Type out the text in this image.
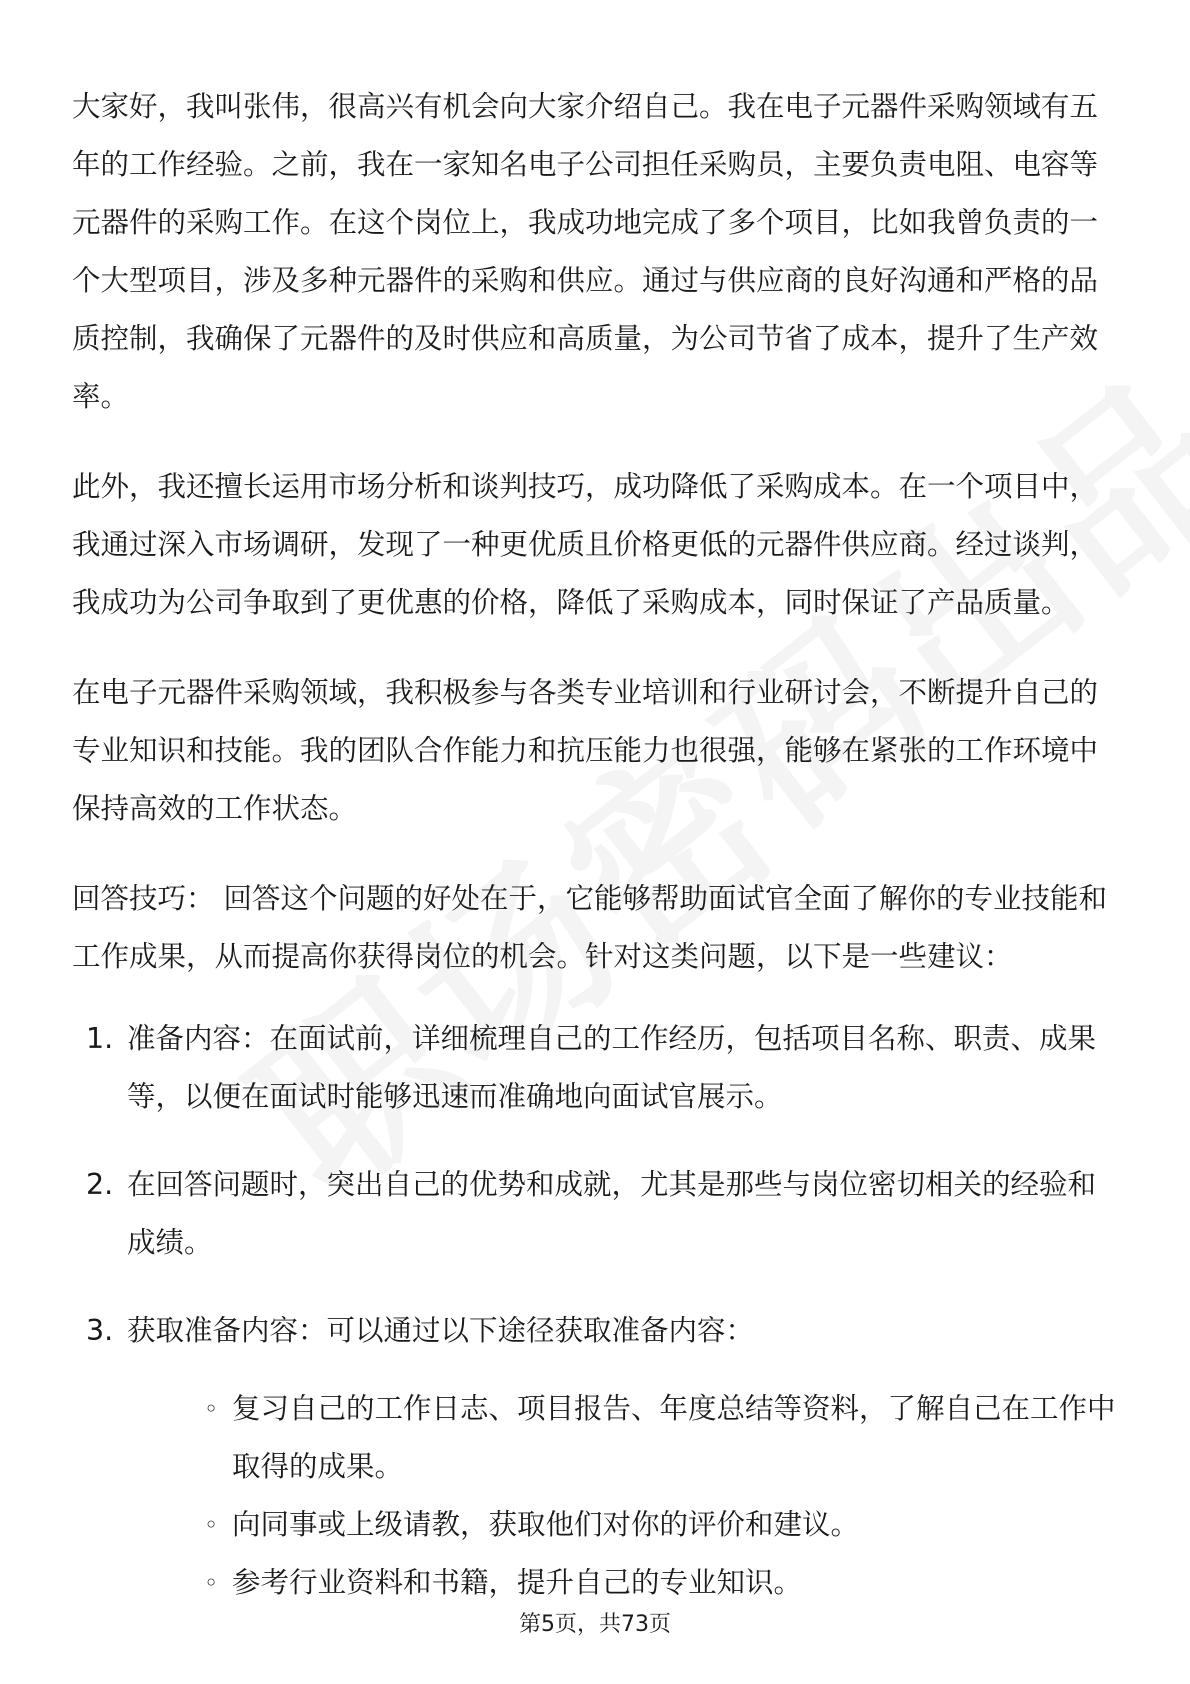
大家好，我叫张伟，很高兴有机会向大家介绍自己。我在电子元器件采购领域有五年的工作经验。之前，我在一家知名电子公司担任采购员，主要负责电阻、电容等元器件的采购工作。在这个岗位上，我成功地完成了多个项目，比如我曾负责的一个大型项目，涉及多种元器件的采购和供应。通过与供应商的良好沟通和严格的品质控制，我确保了元器件的及时供应和高质量，为公司节省了成本，提升了生产效率。

此外，我还擅长运用市场分析和谈判技巧，成功降低了采购成本。在一个项目中，我通过深入市场调研，发现了一种更优质且价格更低的元器件供应商。经过谈判，我成功为公司争取到了更优惠的价格，降低了采购成本，同时保证了产品质量。

在电子元器件采购领域，我积极参与各类专业培训和行业研讨会，不断提升自己的专业知识和技能。我的团队合作能力和抗压能力也很强，能够在紧张的工作环境中保持高效的工作状态。

回答技巧： 回答这个问题的好处在于，它能够帮助面试官全面了解你的专业技能和工作成果，从而提高你获得岗位的机会。针对这类问题，以下是一些建议：

1. 准备内容：在面试前，详细梳理自己的工作经历，包括项目名称、职责、成果等，以便在面试时能够迅速而准确地向面试官展示。
2. 在回答问题时，突出自己的优势和成就，尤其是那些与岗位密切相关的经验和成绩。
3. 获取准备内容：可以通过以下途径获取准备内容：
◦ 复习自己的工作日志、项目报告、年度总结等资料，了解自己在工作中取得的成果。
◦ 向同事或上级请教，获取他们对你的评价和建议。
◦ 参考行业资料和书籍，提升自己的专业知识。
第5页，共73页
